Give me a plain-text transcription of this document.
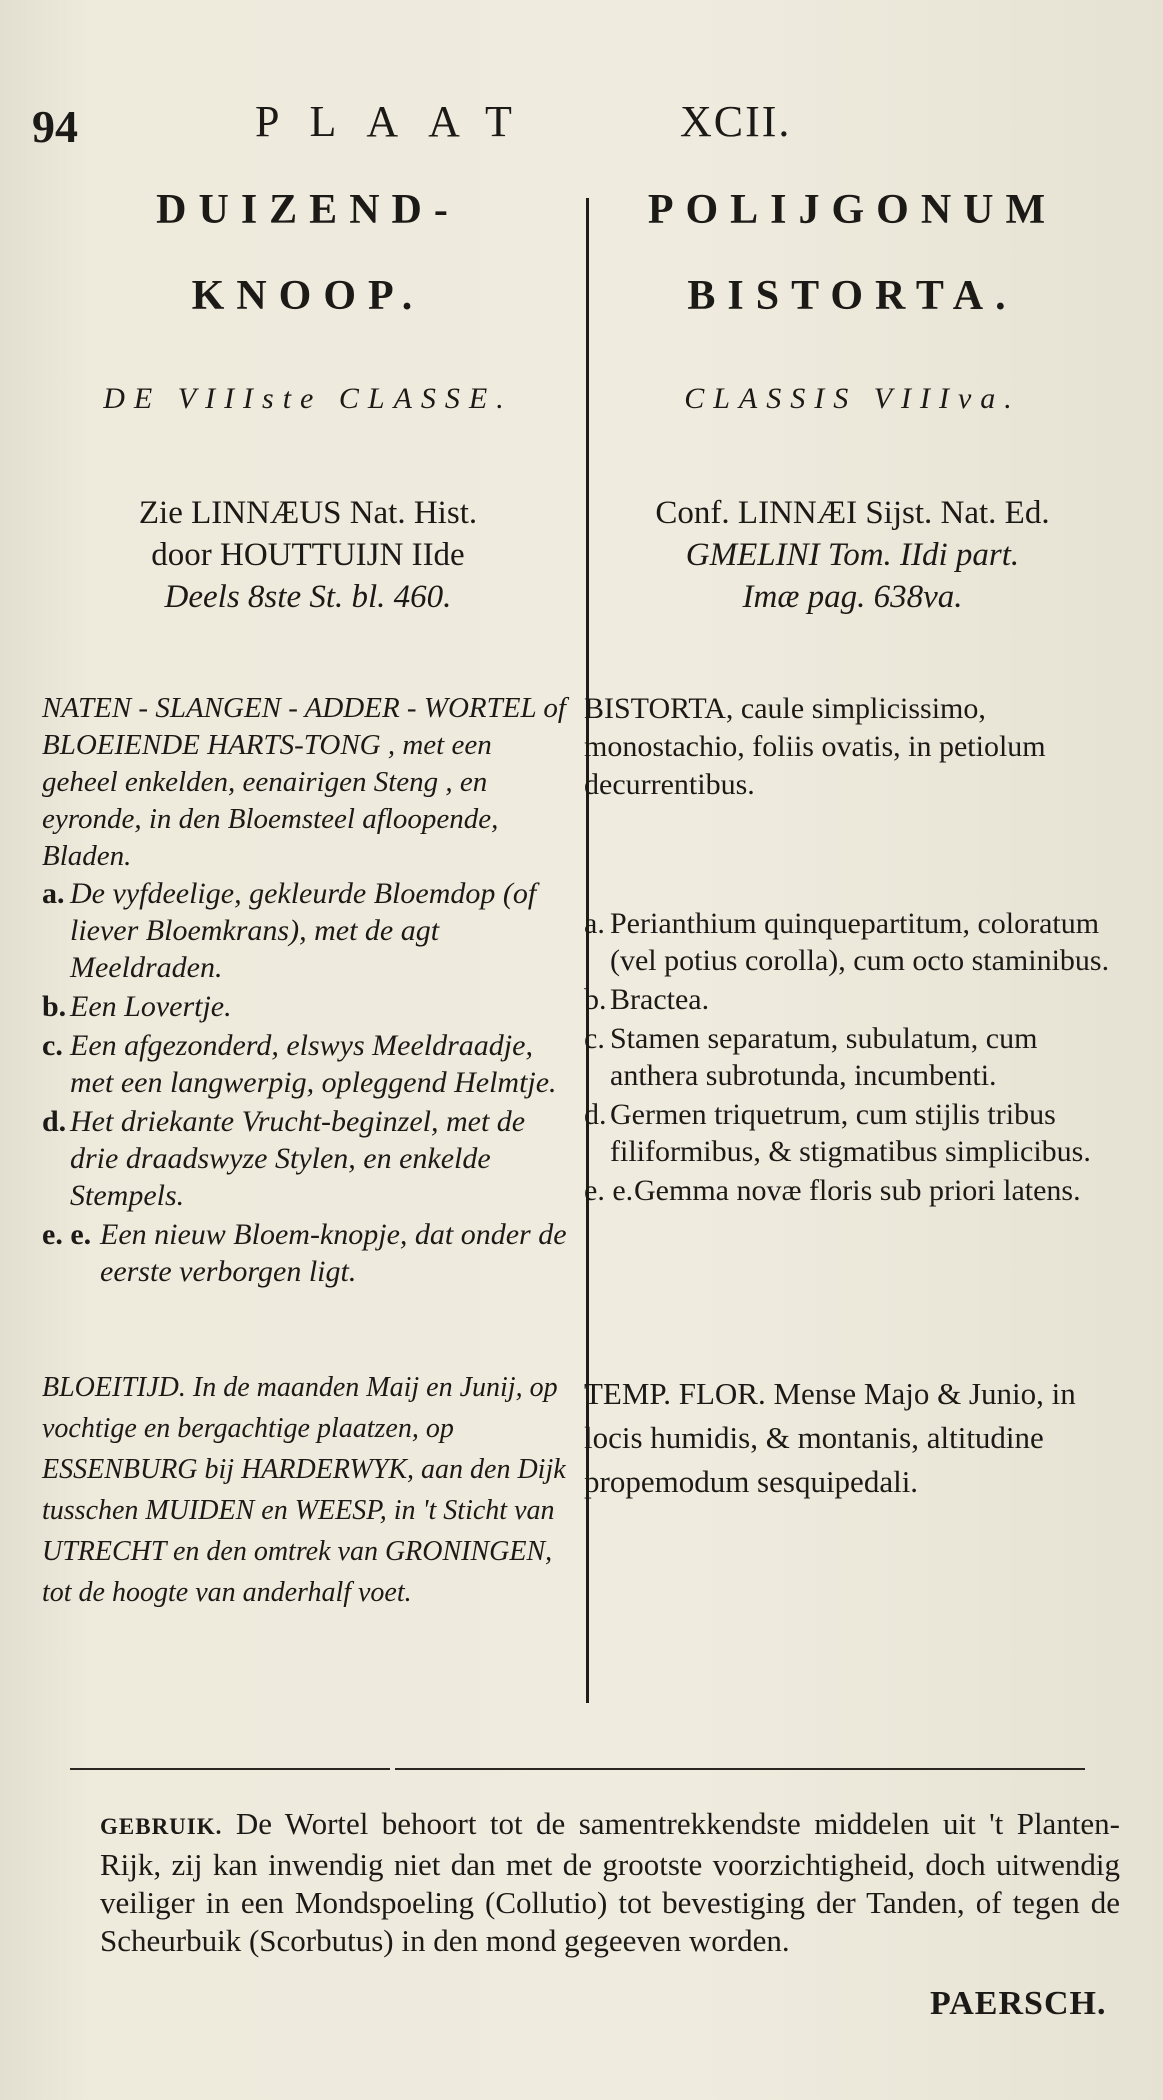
94	PLAAT	XCII.
DUIZEND-
KNOOP.
DE VIIIste CLASSE.
Zie LINNÆUS Nat. Hist.
door HOUTTUIJN IIde
Deels 8ste St. bl. 460.
NATEN - SLANGEN - ADDER - WORTEL of BLOEIENDE HARTS-TONG , met een geheel enkelden, eenairigen Steng , en eyronde, in den Bloemsteel afloopende, Bladen.
a. De vyfdeelige, gekleurde Bloemdop (of liever Bloemkrans), met de agt Meeldraden.
b. Een Lovertje.
c. Een afgezonderd, elswys Meeldraadje, met een langwerpig, opleggend Helmtje.
d. Het driekante Vrucht-beginzel, met de drie draadswyze Stylen, en enkelde Stempels.
e. e. Een nieuw Bloem-knopje, dat onder de eerste verborgen ligt.
BLOEITIJD. In de maanden Maij en Junij, op vochtige en bergachtige plaatzen, op ESSENBURG bij HARDERWYK, aan den Dijk tusschen MUIDEN en WEESP, in 't Sticht van UTRECHT en den omtrek van GRONINGEN, tot de hoogte van anderhalf voet.
POLIJGONUM
BISTORTA.
CLASSIS VIIIva.
Conf. LINNÆI Sijst. Nat. Ed.
GMELINI Tom. IIdi part.
Imæ pag. 638va.
BISTORTA, caule simplicissimo, monostachio, foliis ovatis, in petiolum decurrentibus.
a. Perianthium quinquepartitum, coloratum (vel potius corolla), cum octo staminibus.
b. Bractea.
c. Stamen separatum, subulatum, cum anthera subrotunda, incumbenti.
d. Germen triquetrum, cum stijlis tribus filiformibus, & stigmatibus simplicibus.
e. e. Gemma novæ floris sub priori latens.
TEMP. FLOR. Mense Majo & Junio, in locis humidis, & montanis, altitudine propemodum sesquipedali.
GEBRUIK. De Wortel behoort tot de samentrekkendste middelen uit 't Planten-Rijk, zij kan inwendig niet dan met de grootste voorzichtigheid, doch uitwendig veiliger in een Mondspoeling (Collutio) tot bevestiging der Tanden, of tegen de Scheurbuik (Scorbutus) in den mond gegeeven worden.
PAERSCH.
